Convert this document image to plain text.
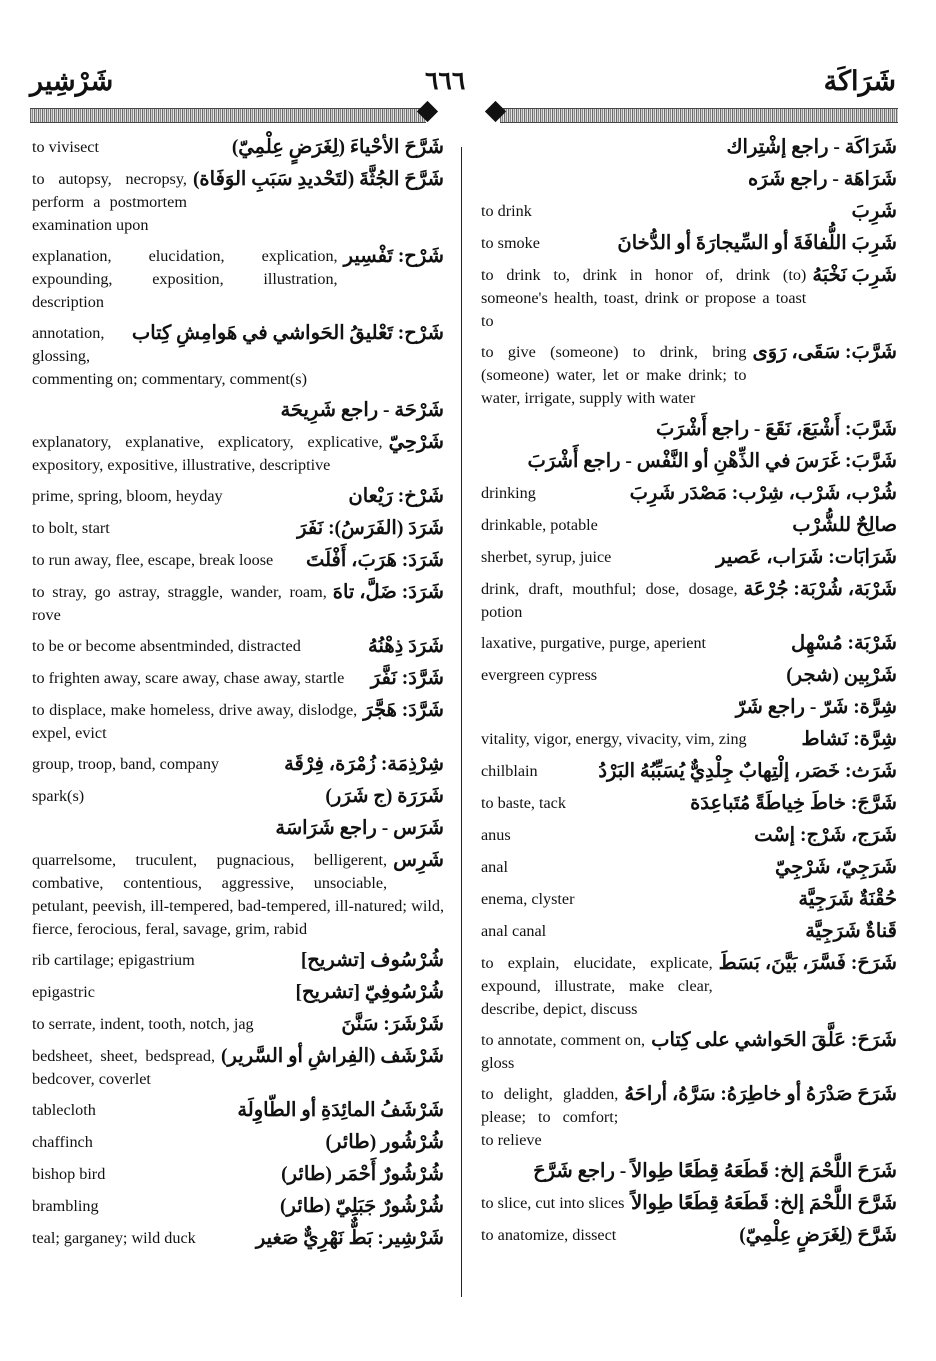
شَرْشِير	٦٦٦	شَرَاكَة
شَرَّحَ الأحْياءَ (لِغَرَضٍ عِلْمِيّ)
to vivisect
شَرَّحَ الجُثَّةَ (لتَحْديدِ سَبَبِ الوَفَاة)
to autopsy, necropsy, perform a postmortem examination upon
شَرْح: تَفْسِير
explanation, elucidation, explication, expounding, exposition, illustration, description
شَرْح: تَعْليقُ الحَواشي في هَوامِشِ كِتاب
annotation, glossing, commenting on; commentary, comment(s)
شَرْحَة - راجع شَرِيحَة
شَرْحِيّ
explanatory, explanative, explicatory, explicative, expository, expositive, illustrative, descriptive
شَرْخ: رَيْعان
prime, spring, bloom, heyday
شَرَدَ (الفَرَسُ): نَفَرَ
to bolt, start
شَرَدَ: هَرَبَ، أَفْلَتَ
to run away, flee, escape, break loose
شَرَدَ: ضَلَّ، تاهَ
to stray, go astray, straggle, wander, roam, rove
شَرَدَ ذِهْنُهُ
to be or become absentminded, distracted
شَرَّدَ: نَفَّرَ
to frighten away, scare away, chase away, startle
شَرَّدَ: هَجَّرَ
to displace, make homeless, drive away, dislodge, expel, evict
شِرْذِمَة: زُمْرَة، فِرْقَة
group, troop, band, company
شَرَرَة (ج شَرَر)
spark(s)
شَرَس - راجع شَرَاسَة
شَرِس
quarrelsome, truculent, pugnacious, belligerent, combative, contentious, aggressive, unsociable, petulant, peevish, ill-tempered, bad-tempered, ill-natured; wild, fierce, ferocious, feral, savage, grim, rabid
شُرْسُوف [تشريح]
rib cartilage; epigastrium
شُرْسُوفِيّ [تشريح]
epigastric
شَرْشَرَ: سَنَّنَ
to serrate, indent, tooth, notch, jag
شَرْشَف (الفِراشِ أو السَّرير)
bedsheet, sheet, bedspread, bedcover, coverlet
شَرْشَفُ المائِدَةِ أو الطّاوِلَة
tablecloth
شُرْشُور (طائر)
chaffinch
شُرْشُورٌ أَحْمَر (طائر)
bishop bird
شُرْشُورٌ جَبَلِيّ (طائر)
brambling
شَرْشِير: بَطٌّ نَهْرِيٌّ صَغير
teal; garganey; wild duck
شَرَاكَة - راجع إشْتِراك
شَرَاهَة - راجع شَرَه
شَرِبَ
to drink
شَرِبَ اللُّفافَةَ أو السِّيجارَةَ أو الدُّخانَ
to smoke
شَرِبَ نَخْبَهُ
to drink to, drink in honor of, drink (to) someone's health, toast, drink or propose a toast to
شَرَّبَ: سَقَى، رَوَى
to give (someone) to drink, bring (someone) water, let or make drink; to water, irrigate, supply with water
شَرَّبَ: أَشْبَعَ، نَقَعَ - راجع أَشْرَبَ
شَرَّبَ: غَرَسَ في الذِّهْنِ أو النَّفْس - راجع أَشْرَبَ
شُرْب، شَرْب، شِرْب: مَصْدَر شَرِبَ
drinking
صالِحٌ للشُّرْب
drinkable, potable
شَرَابَات: شَرَاب، عَصير
sherbet, syrup, juice
شَرْبَة، شُرْبَة: جُرْعَة
drink, draft, mouthful; dose, dosage, potion
شَرْبَة: مُسْهِل
laxative, purgative, purge, aperient
شَرْبِين (شجر)
evergreen cypress
شِرَّة: شَرّ - راجع شَرّ
شِرَّة: نَشاط
vitality, vigor, energy, vivacity, vim, zing
شَرَث: خَصَر، إلْتِهابٌ جِلْدِيٌّ يُسَبِّبُهُ البَرْدُ
chilblain
شَرَّجَ: خاطَ خِياطَةً مُتَباعِدَة
to baste, tack
شَرَج، شَرْج: إسْت
anus
شَرَجِيّ، شَرْجِيّ
anal
حُقْنَةٌ شَرَجِيَّة
enema, clyster
قَناةٌ شَرَجِيَّة
anal canal
شَرَحَ: فَسَّرَ، بَيَّنَ، بَسَطَ
to explain, elucidate, explicate, expound, illustrate, make clear, describe, depict, discuss
شَرَحَ: عَلَّقَ الحَواشي على كِتاب
to annotate, comment on, gloss
شَرَحَ صَدْرَهُ أو خاطِرَهُ: سَرَّهُ، أراحَهُ
to delight, gladden, please; to comfort; to relieve
شَرَحَ اللَّحْمَ إلخ: قَطَعَهُ قِطَعًا طِوالاً - راجع شَرَّحَ
شَرَّحَ اللَّحْمَ إلخ: قَطَعَهُ قِطَعًا طِوالاً
to slice, cut into slices
شَرَّحَ (لِغَرَضٍ عِلْمِيّ)
to anatomize, dissect
